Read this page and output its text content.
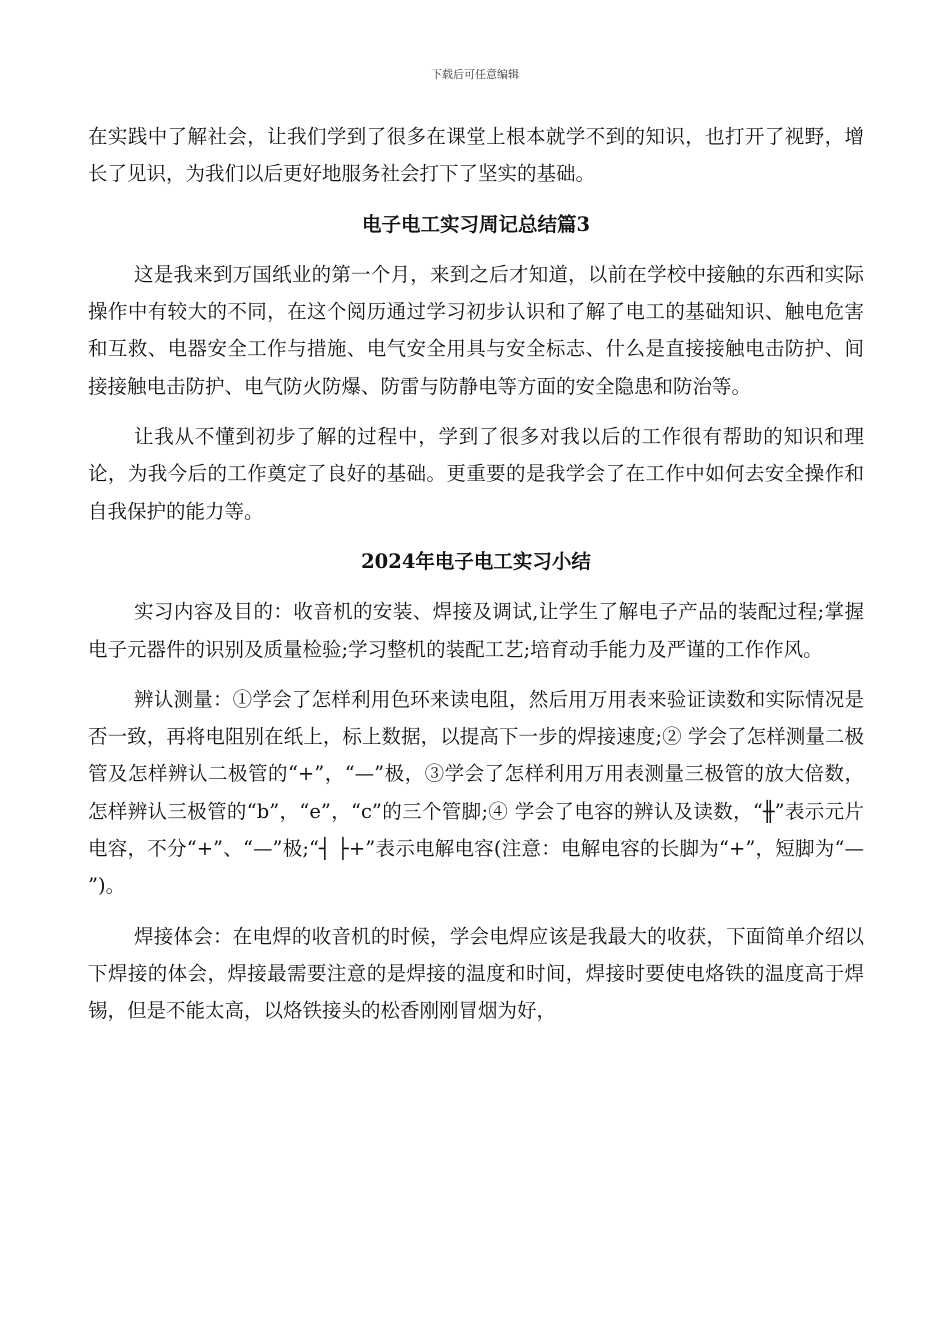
下载后可任意编辑

在实践中了解社会，让我们学到了很多在课堂上根本就学不到的知识，也打开了视野，增长了见识，为我们以后更好地服务社会打下了坚实的基础。

电子电工实习周记总结篇3

这是我来到万国纸业的第一个月，来到之后才知道，以前在学校中接触的东西和实际操作中有较大的不同，在这个阅历通过学习初步认识和了解了电工的基础知识、触电危害和互救、电器安全工作与措施、电气安全用具与安全标志、什么是直接接触电击防护、间接接触电击防护、电气防火防爆、防雷与防静电等方面的安全隐患和防治等。

让我从不懂到初步了解的过程中，学到了很多对我以后的工作很有帮助的知识和理论，为我今后的工作奠定了良好的基础。更重要的是我学会了在工作中如何去安全操作和自我保护的能力等。

2024年电子电工实习小结

实习内容及目的：收音机的安装、焊接及调试,让学生了解电子产品的装配过程;掌握电子元器件的识别及质量检验;学习整机的装配工艺;培育动手能力及严谨的工作作风。

辨认测量：①学会了怎样利用色环来读电阻，然后用万用表来验证读数和实际情况是否一致，再将电阻别在纸上，标上数据，以提高下一步的焊接速度;② 学会了怎样测量二极管及怎样辨认二极管的“+”，“—”极，③学会了怎样利用万用表测量三极管的放大倍数，怎样辨认三极管的“b”，“e”，“c”的三个管脚;④ 学会了电容的辨认及读数，“╫”表示元片电容，不分“+”、“—”极;“┤ ├+”表示电解电容(注意：电解电容的长脚为“+”，短脚为“— ”)。

焊接体会：在电焊的收音机的时候，学会电焊应该是我最大的收获，下面简单介绍以下焊接的体会，焊接最需要注意的是焊接的温度和时间，焊接时要使电烙铁的温度高于焊锡，但是不能太高，以烙铁接头的松香刚刚冒烟为好，
